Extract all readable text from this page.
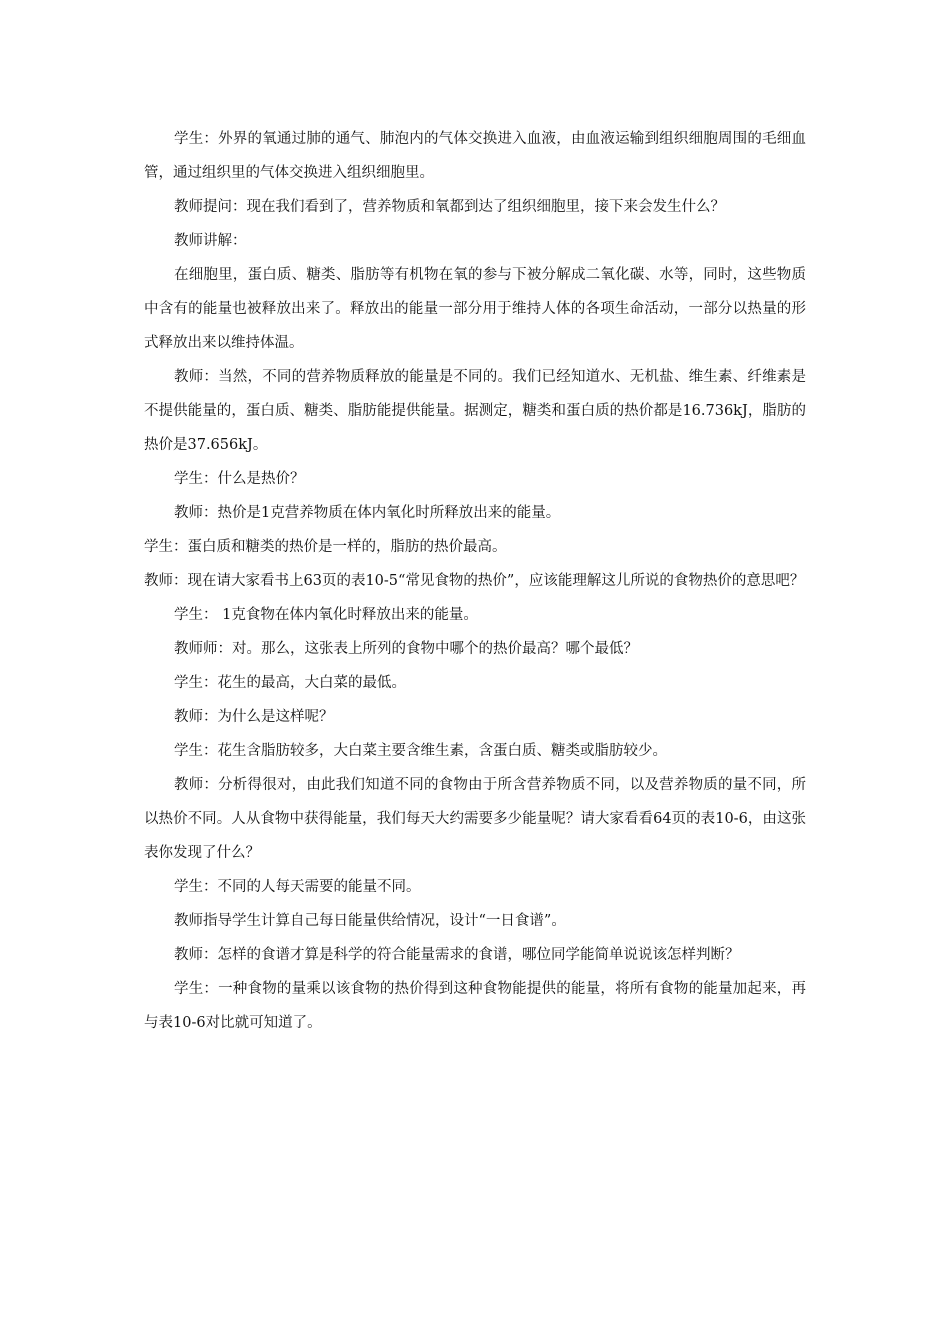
学生：外界的氧通过肺的通气、肺泡内的气体交换进入血液，由血液运输到组织细胞周围的毛细血管，通过组织里的气体交换进入组织细胞里。

教师提问：现在我们看到了，营养物质和氧都到达了组织细胞里，接下来会发生什么？

教师讲解：

在细胞里，蛋白质、糖类、脂肪等有机物在氧的参与下被分解成二氧化碳、水等，同时，这些物质中含有的能量也被释放出来了。释放出的能量一部分用于维持人体的各项生命活动，一部分以热量的形式释放出来以维持体温。

教师：当然，不同的营养物质释放的能量是不同的。我们已经知道水、无机盐、维生素、纤维素是不提供能量的，蛋白质、糖类、脂肪能提供能量。据测定，糖类和蛋白质的热价都是16.736kJ，脂肪的热价是37.656kJ。

学生：什么是热价？

教师：热价是1克营养物质在体内氧化时所释放出来的能量。

学生：蛋白质和糖类的热价是一样的，脂肪的热价最高。

教师：现在请大家看书上63页的表10-5“常见食物的热价”，应该能理解这儿所说的食物热价的意思吧？

学生： 1克食物在体内氧化时释放出来的能量。

教师师：对。那么，这张表上所列的食物中哪个的热价最高？哪个最低？

学生：花生的最高，大白菜的最低。

教师：为什么是这样呢？

学生：花生含脂肪较多，大白菜主要含维生素，含蛋白质、糖类或脂肪较少。

教师：分析得很对，由此我们知道不同的食物由于所含营养物质不同，以及营养物质的量不同，所以热价不同。人从食物中获得能量，我们每天大约需要多少能量呢？请大家看看64页的表10-6，由这张表你发现了什么？

学生：不同的人每天需要的能量不同。

教师指导学生计算自己每日能量供给情况，设计“一日食谱”。

教师：怎样的食谱才算是科学的符合能量需求的食谱，哪位同学能简单说说该怎样判断？

学生：一种食物的量乘以该食物的热价得到这种食物能提供的能量，将所有食物的能量加起来，再与表10-6对比就可知道了。
